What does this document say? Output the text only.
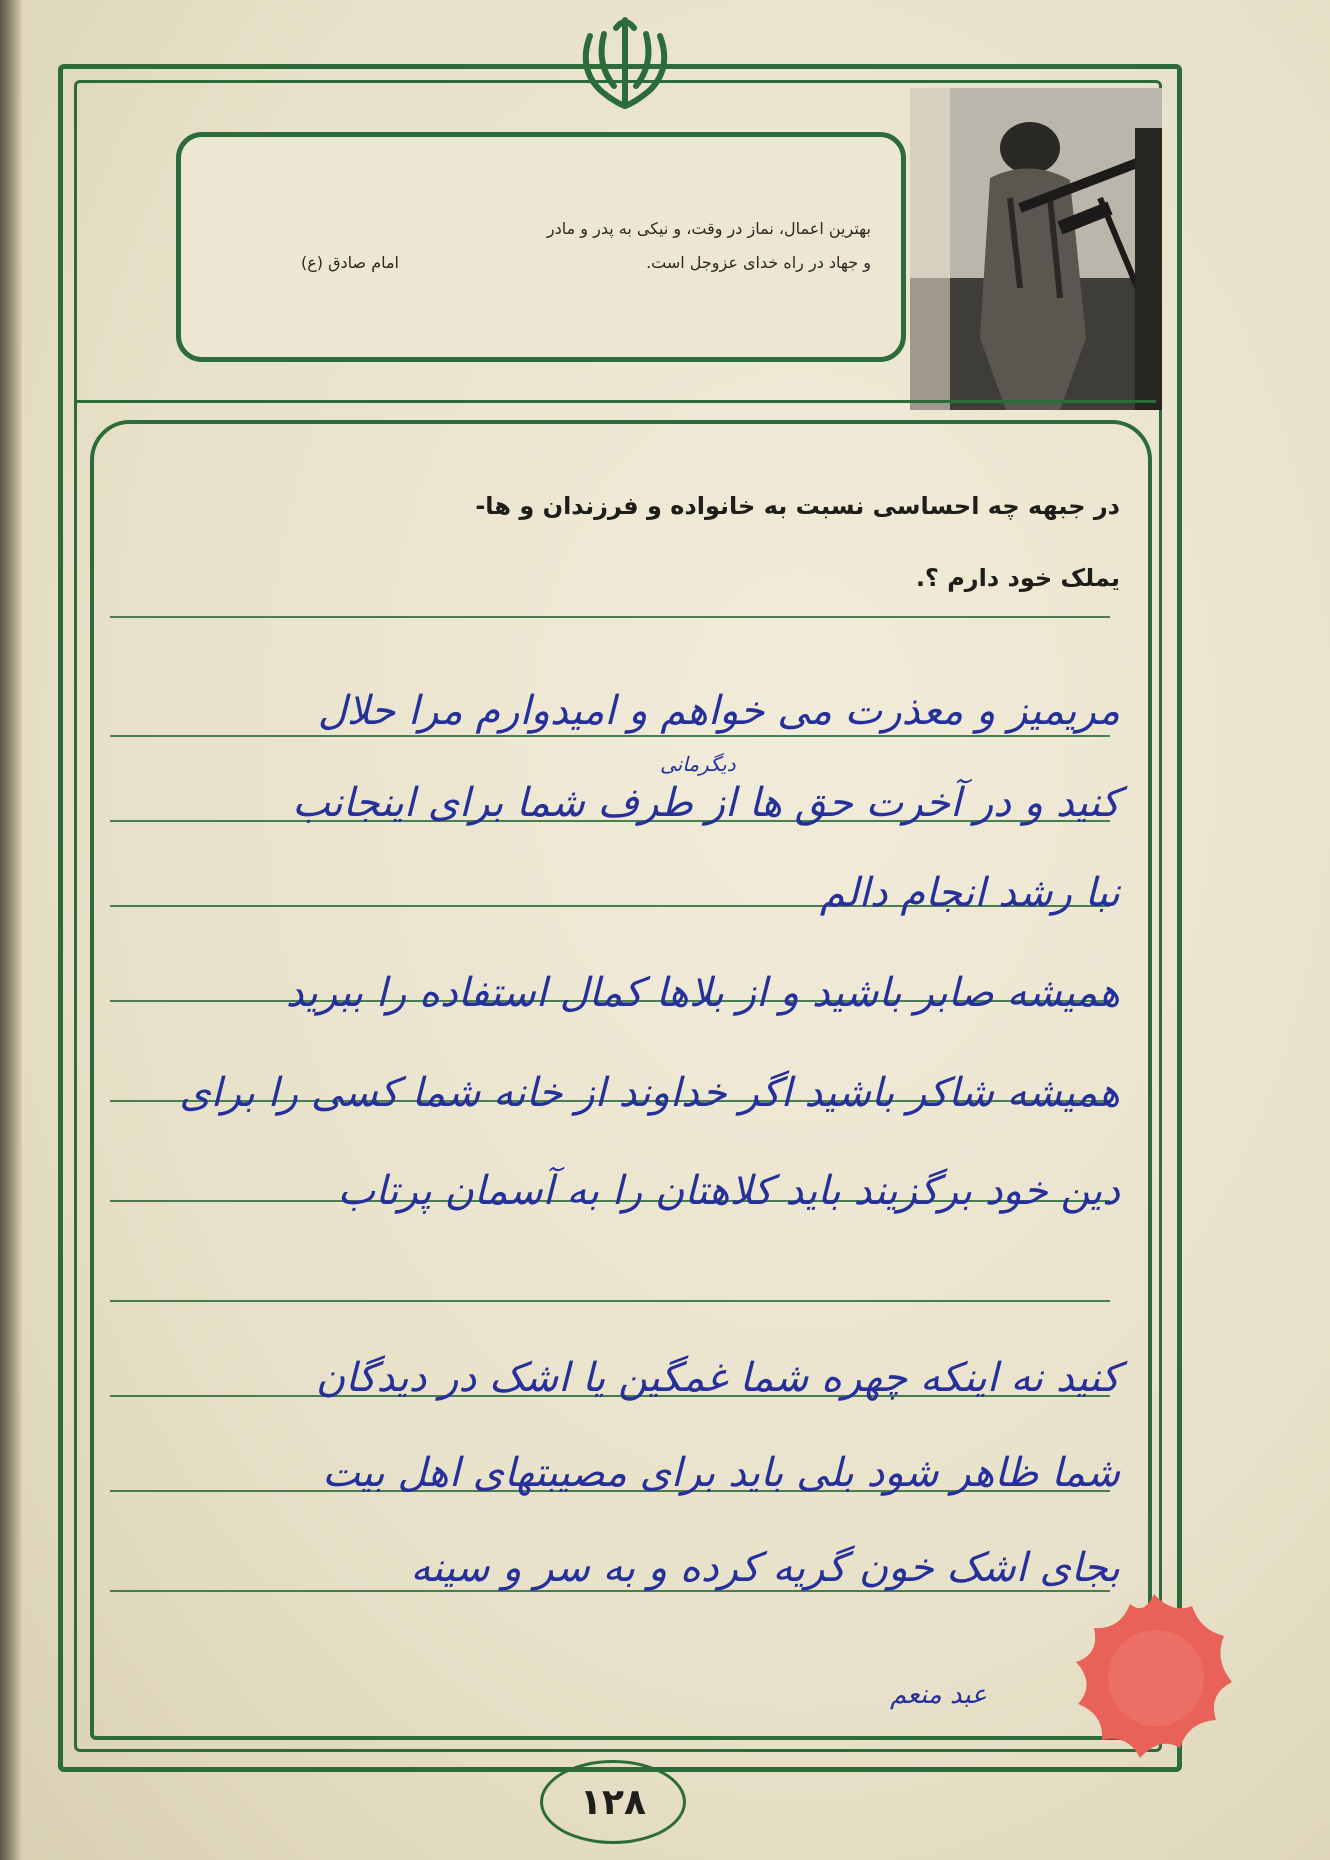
بهترین اعمال، نماز در وقت، و نیکی به پدر و مادر
و جهاد در راه خدای عزوجل است.
امام صادق (ع)
در جبهه چه احساسی نسبت به خانواده و فرزندان و ها-
یملک خود دارم ؟.
مریمیز و معذرت می خواهم و امیدوارم مرا حلال
دیگرمانی
کنید و در آخرت حق ها از طرف شما برای اینجانب
نبا رشد انجام دالم
همیشه صابر باشید و از بلاها کمال استفاده را ببرید
همیشه شاکر باشید اگر خداوند از خانه شما کسی را برای
دین خود برگزیند باید کلاهتان را به آسمان پرتاب
کنید نه اینکه چهره شما غمگین یا اشک در دیدگان
شما ظاهر شود بلی باید برای مصیبتهای اهل بیت
بجای اشک خون گریه کرده و به سر و سینه
عبد منعم
۱۲۸
